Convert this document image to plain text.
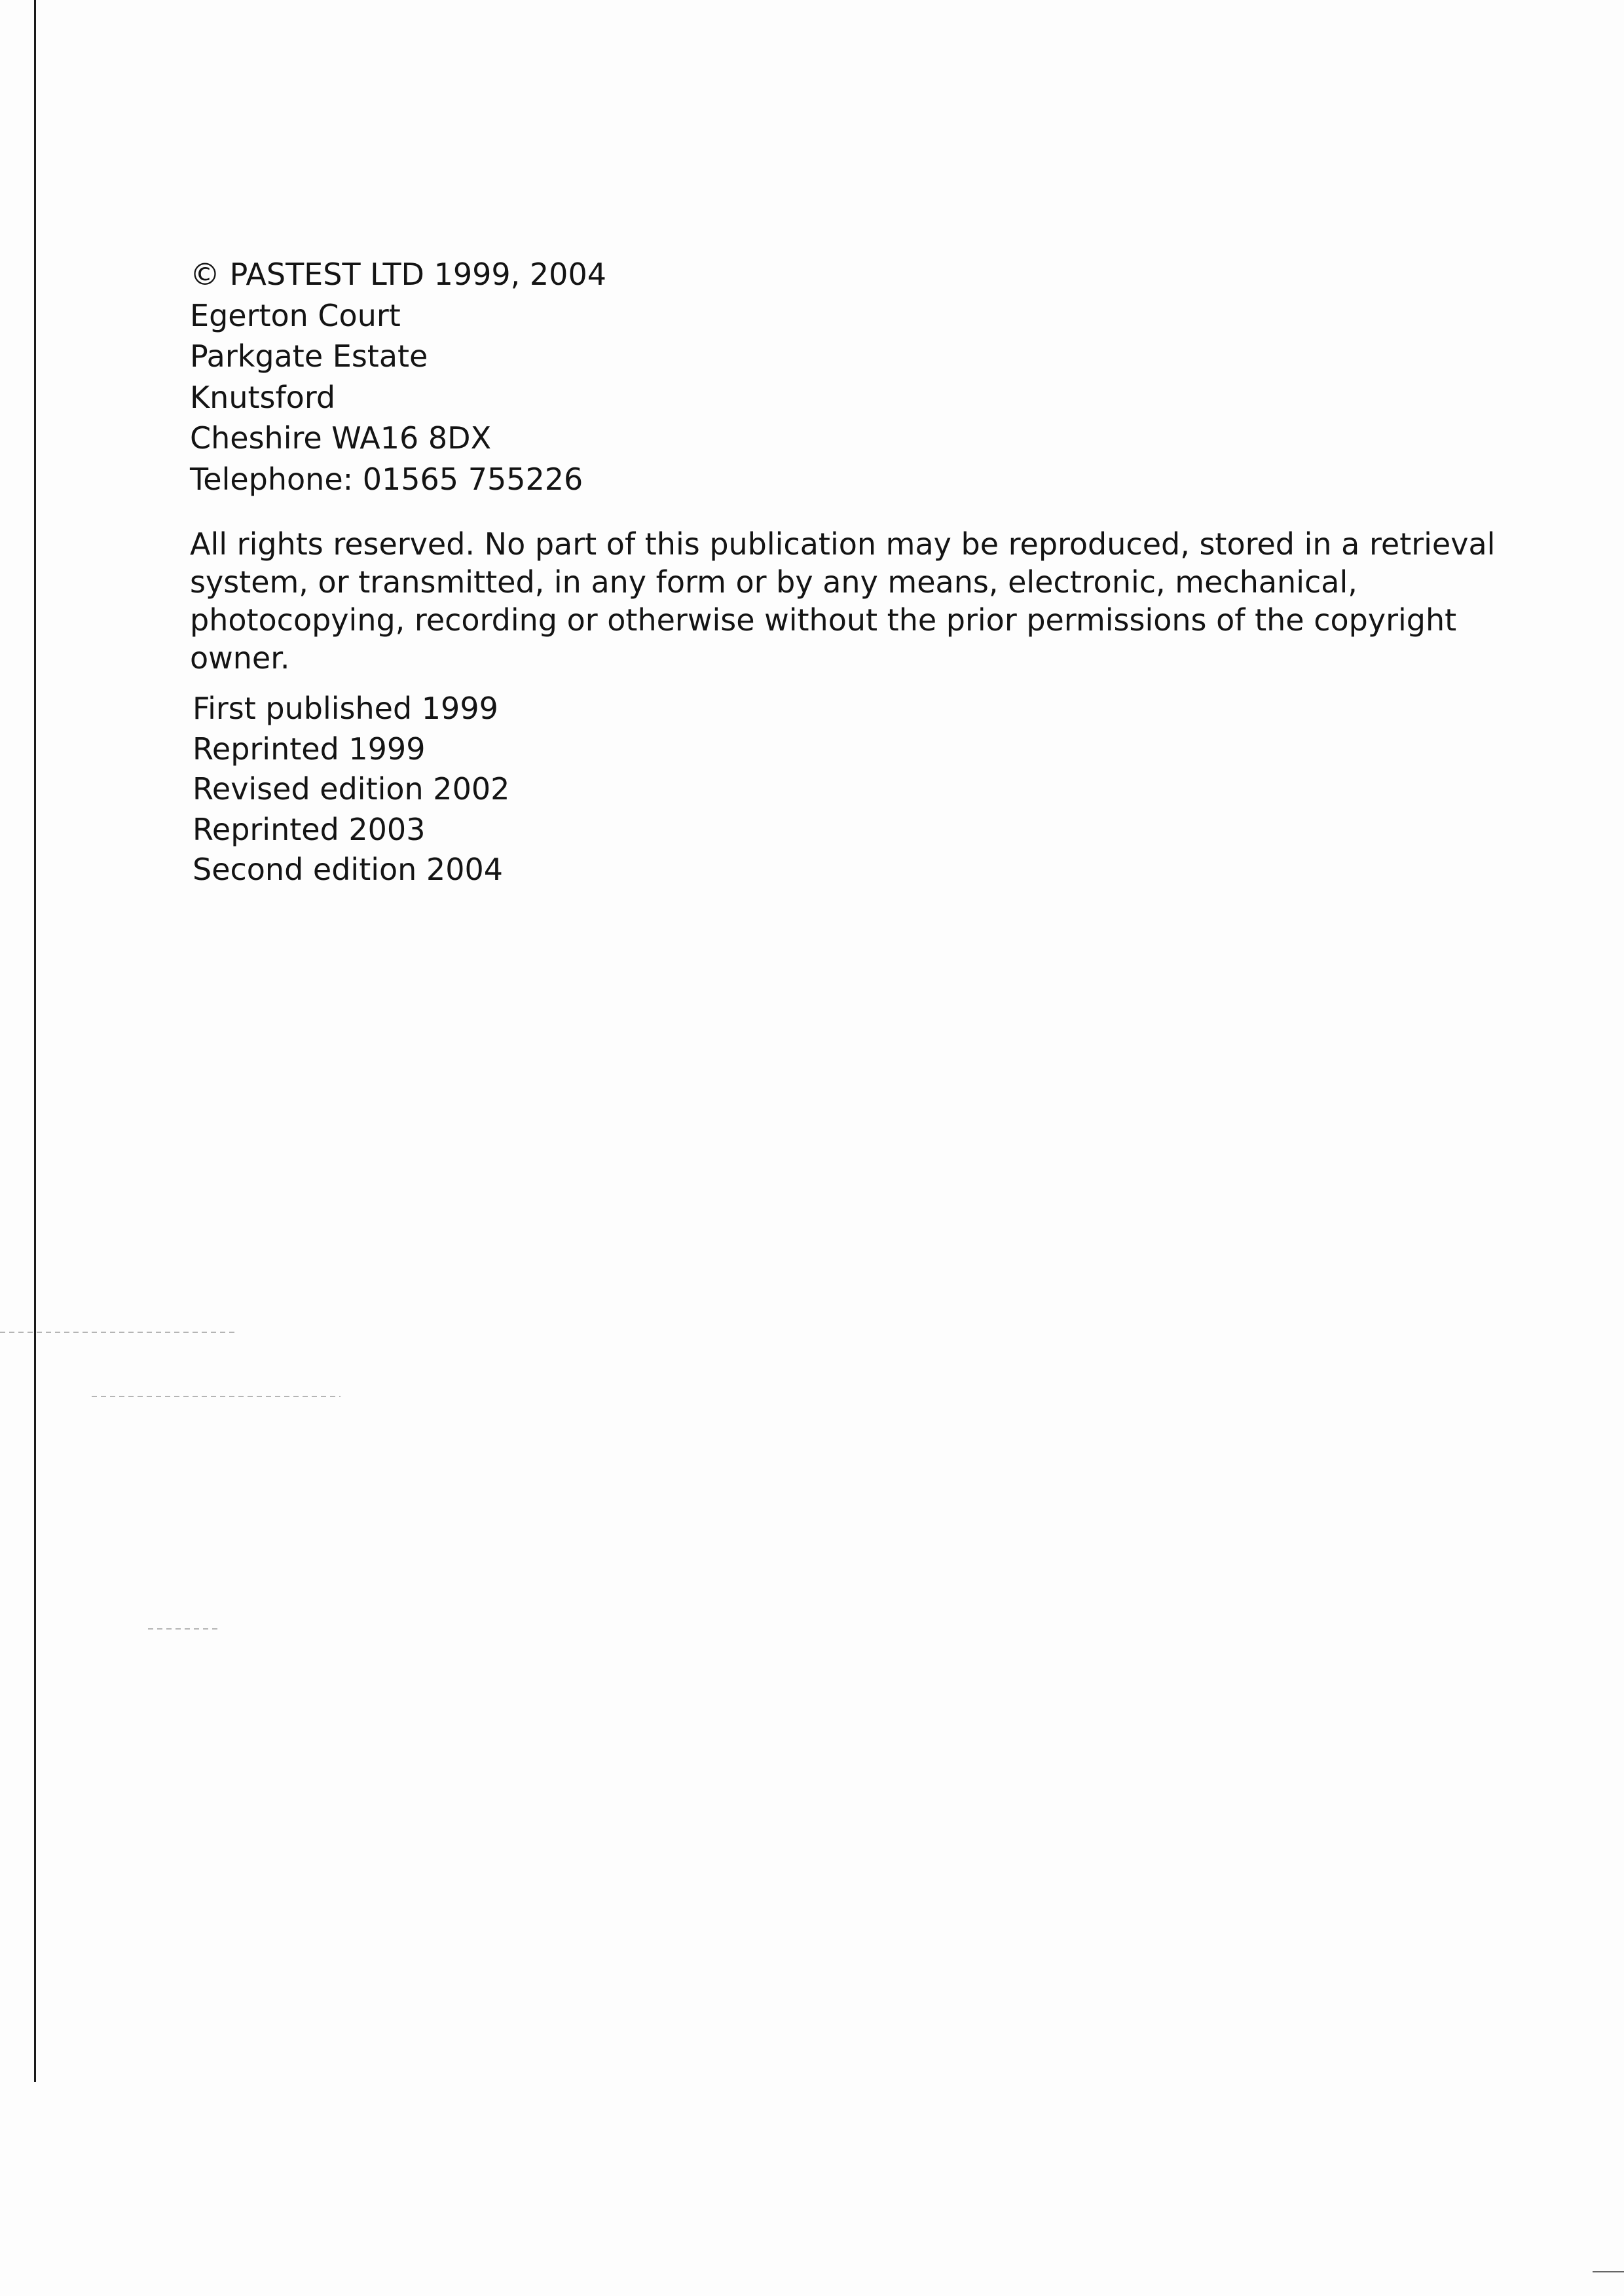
© PASTEST LTD 1999, 2004
Egerton Court
Parkgate Estate
Knutsford
Cheshire WA16 8DX
Telephone: 01565 755226

All rights reserved. No part of this publication may be reproduced, stored in a retrieval system, or transmitted, in any form or by any means, electronic, mechanical, photocopying, recording or otherwise without the prior permissions of the copyright owner.

First published 1999
Reprinted 1999
Revised edition 2002
Reprinted 2003
Second edition 2004
